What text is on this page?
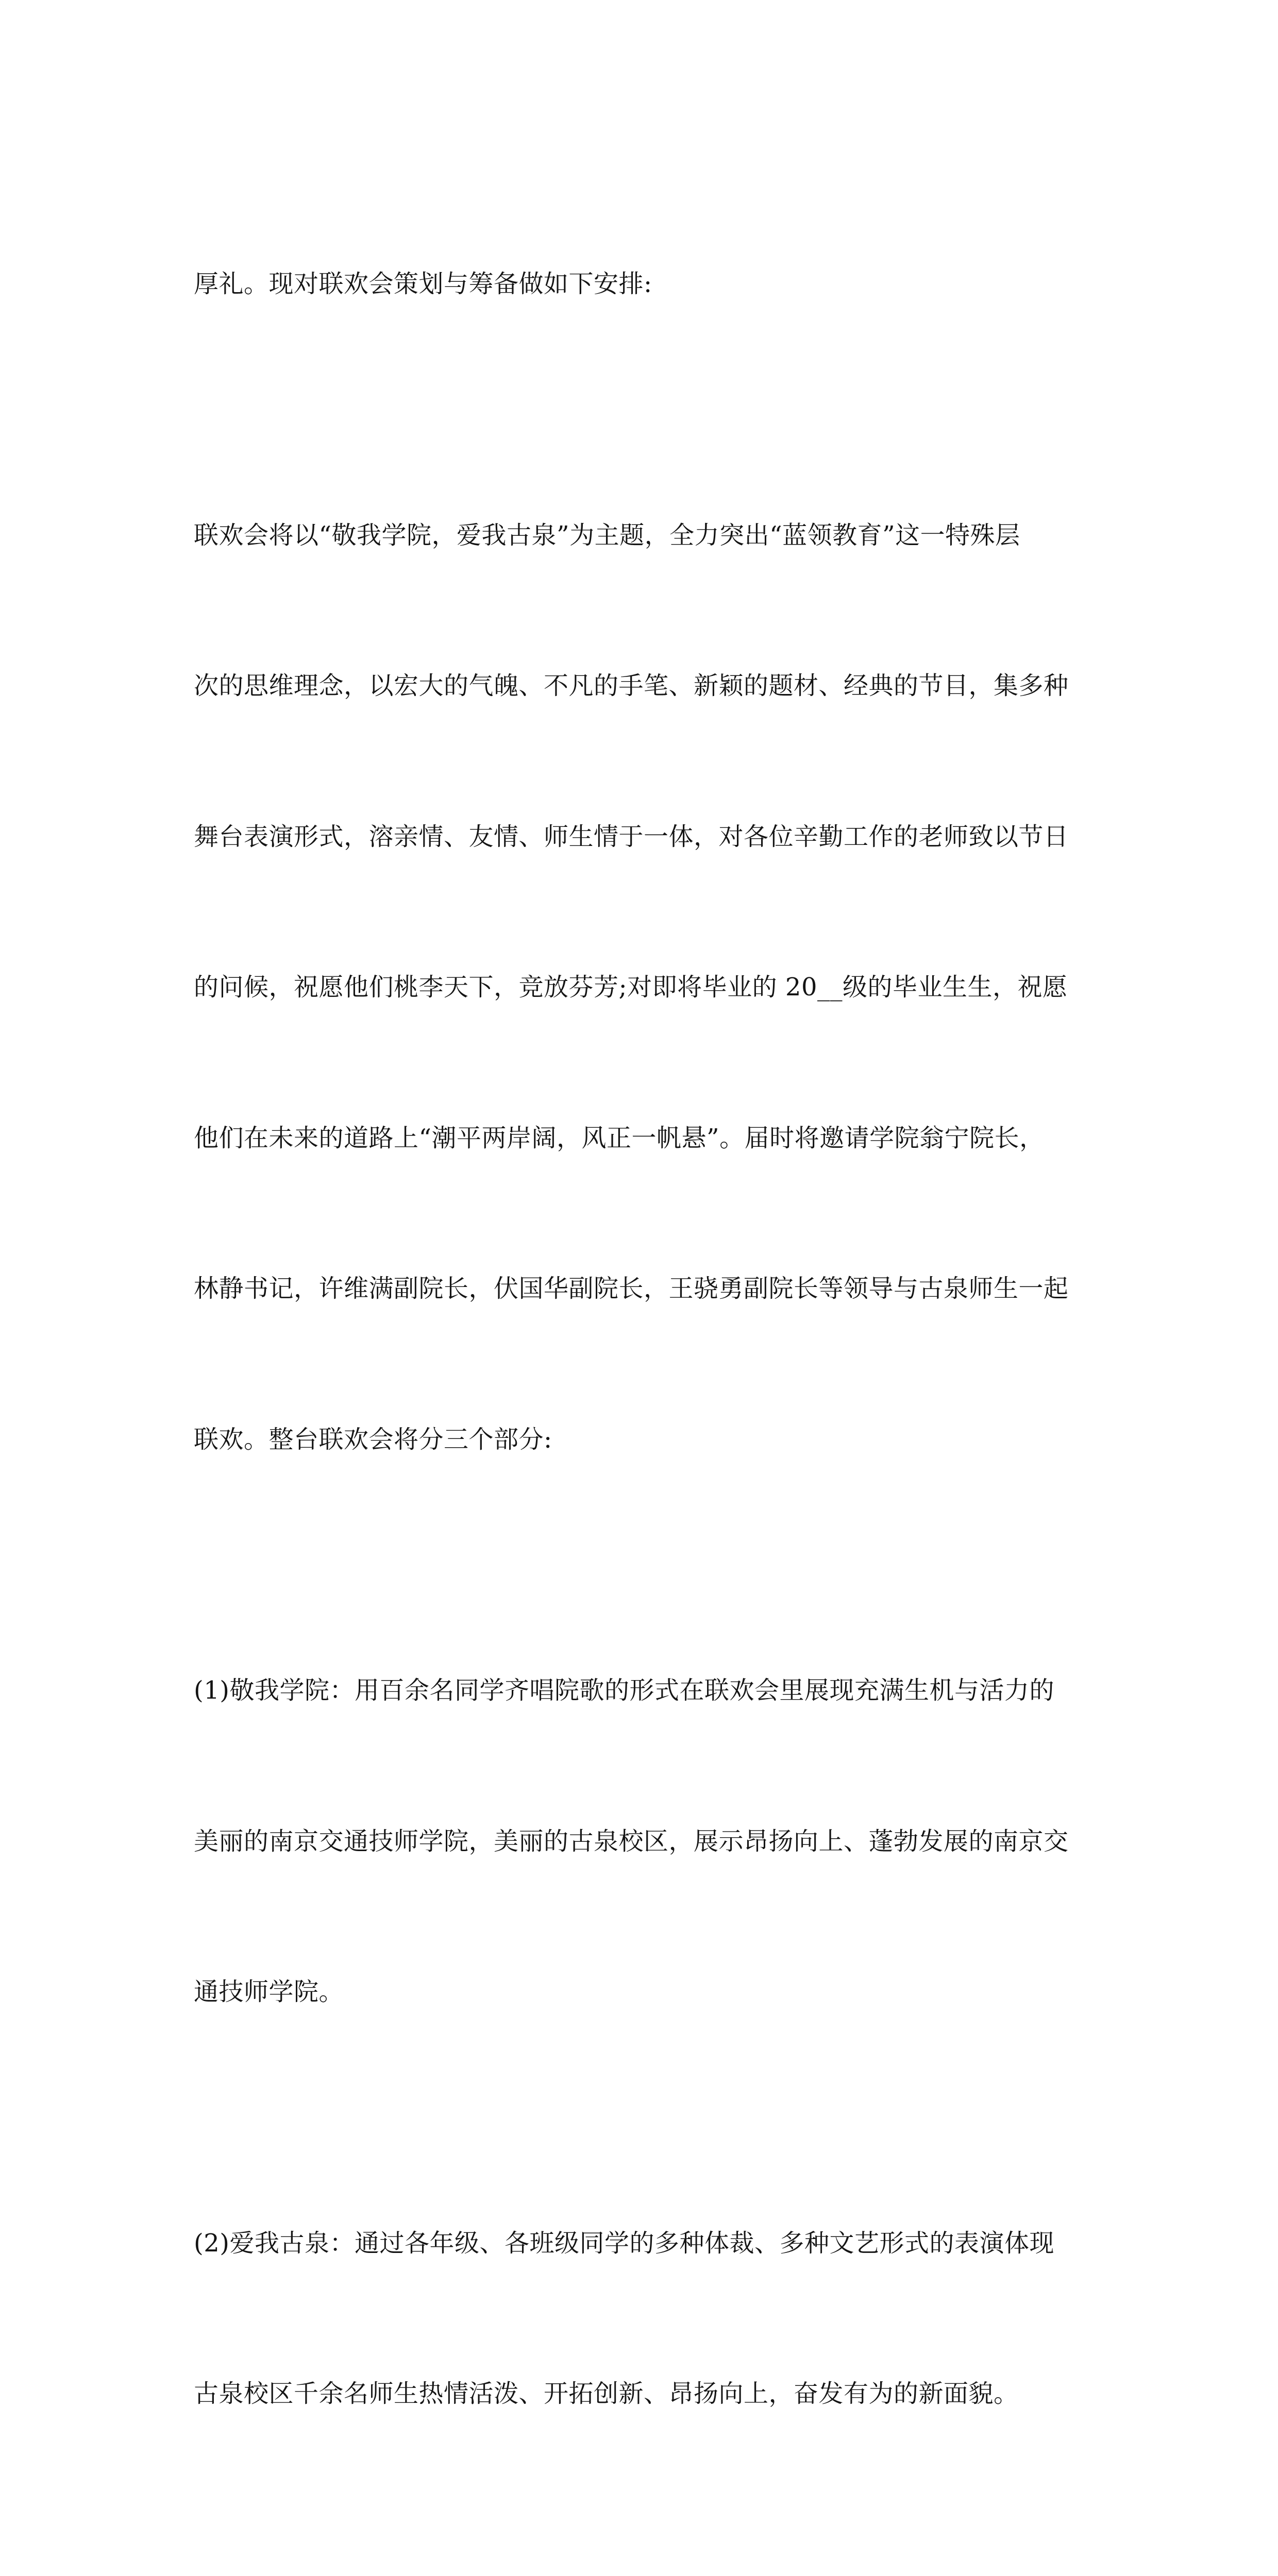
厚礼。现对联欢会策划与筹备做如下安排:

联欢会将以“敬我学院，爱我古泉”为主题，全力突出“蓝领教育”这一特殊层

次的思维理念，以宏大的气魄、不凡的手笔、新颖的题材、经典的节目，集多种

舞台表演形式，溶亲情、友情、师生情于一体，对各位辛勤工作的老师致以节日

的问候，祝愿他们桃李天下，竞放芬芳;对即将毕业的 20__级的毕业生生，祝愿

他们在未来的道路上“潮平两岸阔，风正一帆悬”。届时将邀请学院翁宁院长，

林静书记，许维满副院长，伏国华副院长，王骁勇副院长等领导与古泉师生一起

联欢。整台联欢会将分三个部分:

(1)敬我学院：用百余名同学齐唱院歌的形式在联欢会里展现充满生机与活力的

美丽的南京交通技师学院，美丽的古泉校区，展示昂扬向上、蓬勃发展的南京交

通技师学院。

(2)爱我古泉：通过各年级、各班级同学的多种体裁、多种文艺形式的表演体现

古泉校区千余名师生热情活泼、开拓创新、昂扬向上，奋发有为的新面貌。
